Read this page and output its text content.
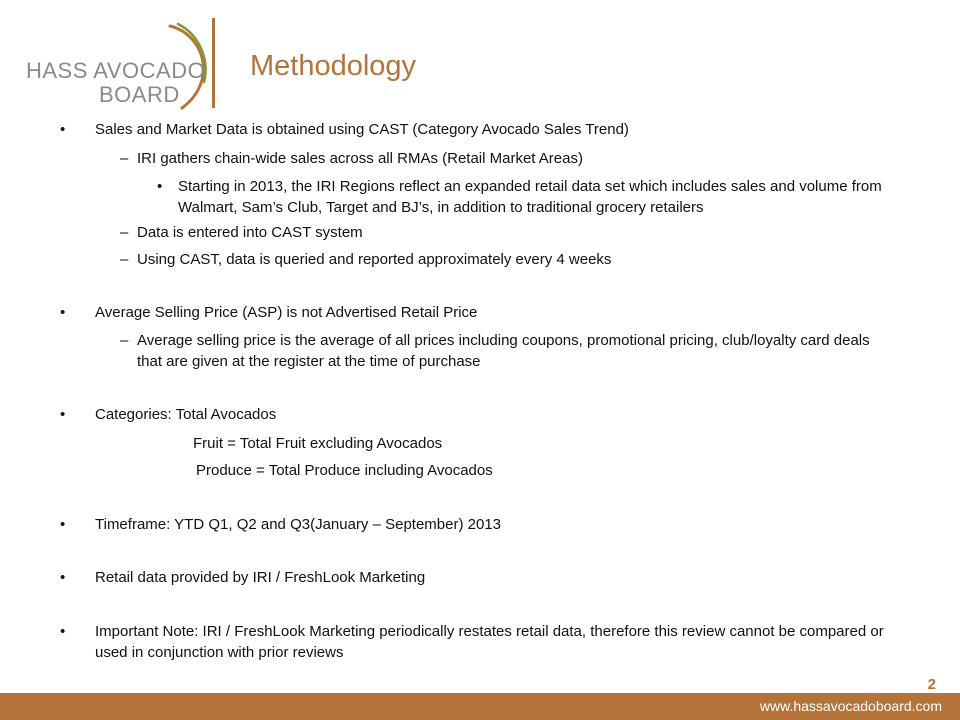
HASS AVOCADO
BOARD
Methodology
• Sales and Market Data is obtained using CAST (Category Avocado Sales Trend)
– IRI gathers chain-wide sales across all RMAs (Retail Market Areas)
• Starting in 2013, the IRI Regions reflect an expanded retail data set which includes sales and volume from Walmart, Sam’s Club, Target and BJ’s, in addition to traditional grocery retailers
– Data is entered into CAST system
– Using CAST, data is queried and reported approximately every 4 weeks
• Average Selling Price (ASP) is not Advertised Retail Price
– Average selling price is the average of all prices including coupons, promotional pricing, club/loyalty card deals that are given at the register at the time of purchase
• Categories: Total Avocados
Fruit = Total Fruit excluding Avocados
Produce = Total Produce including Avocados
• Timeframe: YTD Q1, Q2 and Q3(January – September) 2013
• Retail data provided by IRI / FreshLook Marketing
• Important Note: IRI / FreshLook Marketing periodically restates retail data, therefore this review cannot be compared or used in conjunction with prior reviews
2
www.hassavocadoboard.com
